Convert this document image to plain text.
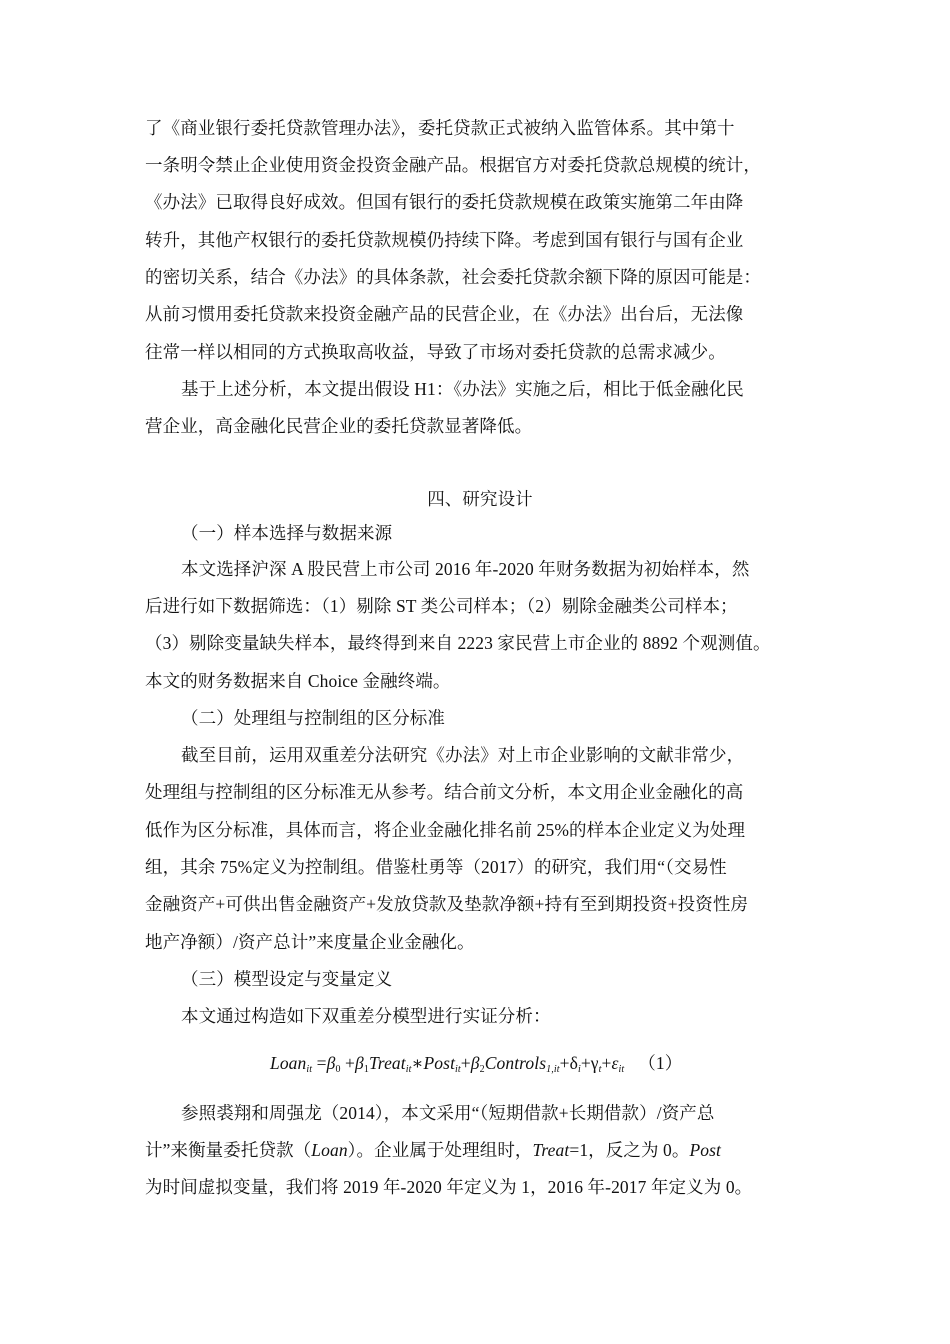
了《商业银行委托贷款管理办法》，委托贷款正式被纳入监管体系。其中第十
一条明令禁止企业使用资金投资金融产品。根据官方对委托贷款总规模的统计，
《办法》已取得良好成效。但国有银行的委托贷款规模在政策实施第二年由降
转升，其他产权银行的委托贷款规模仍持续下降。考虑到国有银行与国有企业
的密切关系，结合《办法》的具体条款，社会委托贷款余额下降的原因可能是：
从前习惯用委托贷款来投资金融产品的民营企业，在《办法》出台后，无法像
往常一样以相同的方式换取高收益，导致了市场对委托贷款的总需求减少。
基于上述分析，本文提出假设 H1：《办法》实施之后，相比于低金融化民
营企业，高金融化民营企业的委托贷款显著降低。
四、研究设计
（一）样本选择与数据来源
本文选择沪深 A 股民营上市公司 2016 年-2020 年财务数据为初始样本，然
后进行如下数据筛选：（1）剔除 ST 类公司样本；（2）剔除金融类公司样本；
（3）剔除变量缺失样本，最终得到来自 2223 家民营上市企业的 8892 个观测值。
本文的财务数据来自 Choice 金融终端。
（二）处理组与控制组的区分标准
截至目前，运用双重差分法研究《办法》对上市企业影响的文献非常少，
处理组与控制组的区分标准无从参考。结合前文分析，本文用企业金融化的高
低作为区分标准，具体而言，将企业金融化排名前 25%的样本企业定义为处理
组，其余 75%定义为控制组。借鉴杜勇等（2017）的研究，我们用“（交易性
金融资产+可供出售金融资产+发放贷款及垫款净额+持有至到期投资+投资性房
地产净额）/资产总计”来度量企业金融化。
（三）模型设定与变量定义
本文通过构造如下双重差分模型进行实证分析：
Loan$_{it}$ $=\beta_0$ $+\beta_1Treat_{it}∗Post_{it}+\beta_2Controls_{1,it}+\delta_i+\gamma_t+\varepsilon_{it}$ （1）
参照裘翔和周强龙（2014），本文采用“（短期借款+长期借款）/资产总
计”来衡量委托贷款（Loan）。企业属于处理组时，Treat=1，反之为 0。Post
为时间虚拟变量，我们将 2019 年-2020 年定义为 1，2016 年-2017 年定义为 0。
